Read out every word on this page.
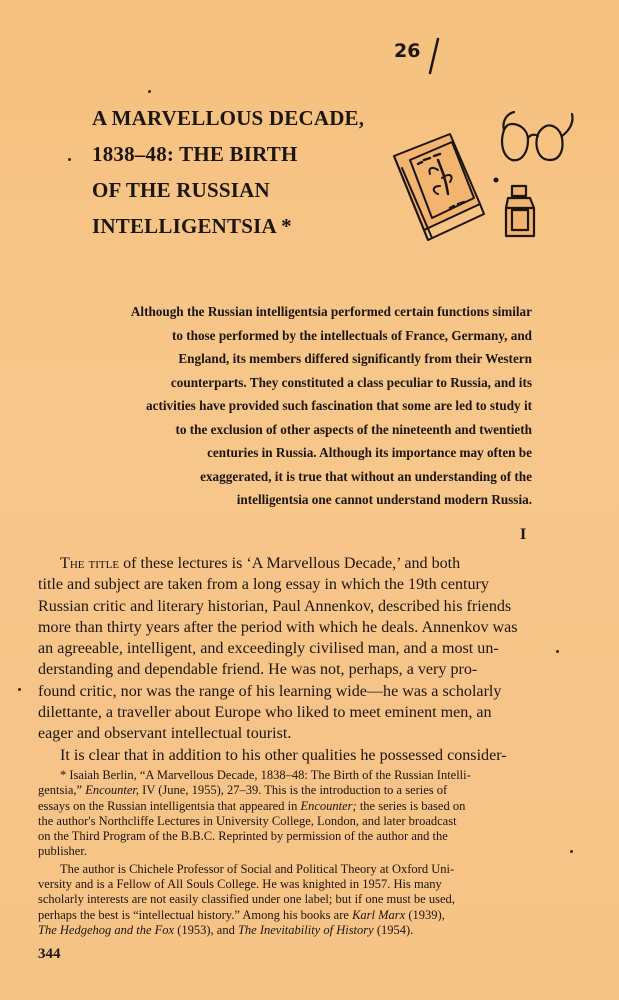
26
A MARVELLOUS DECADE,
1838–48: THE BIRTH
OF THE RUSSIAN
INTELLIGENTSIA *
Although the Russian intelligentsia performed certain functions similar
to those performed by the intellectuals of France, Germany, and
England, its members differed significantly from their Western
counterparts. They constituted a class peculiar to Russia, and its
activities have provided such fascination that some are led to study it
to the exclusion of other aspects of the nineteenth and twentieth
centuries in Russia. Although its importance may often be
exaggerated, it is true that without an understanding of the
intelligentsia one cannot understand modern Russia.
I
The title of these lectures is ‘A Marvellous Decade,’ and both
title and subject are taken from a long essay in which the 19th century
Russian critic and literary historian, Paul Annenkov, described his friends
more than thirty years after the period with which he deals. Annenkov was
an agreeable, intelligent, and exceedingly civilised man, and a most un-
derstanding and dependable friend. He was not, perhaps, a very pro-
found critic, nor was the range of his learning wide—he was a scholarly
dilettante, a traveller about Europe who liked to meet eminent men, an
eager and observant intellectual tourist.
It is clear that in addition to his other qualities he possessed consider-
* Isaiah Berlin, “A Marvellous Decade, 1838–48: The Birth of the Russian Intelli-
gentsia,” Encounter, IV (June, 1955), 27–39. This is the introduction to a series of
essays on the Russian intelligentsia that appeared in Encounter; the series is based on
the author's Northcliffe Lectures in University College, London, and later broadcast
on the Third Program of the B.B.C. Reprinted by permission of the author and the
publisher.
The author is Chichele Professor of Social and Political Theory at Oxford Uni-
versity and is a Fellow of All Souls College. He was knighted in 1957. His many
scholarly interests are not easily classified under one label; but if one must be used,
perhaps the best is “intellectual history.” Among his books are Karl Marx (1939),
The Hedgehog and the Fox (1953), and The Inevitability of History (1954).
344
